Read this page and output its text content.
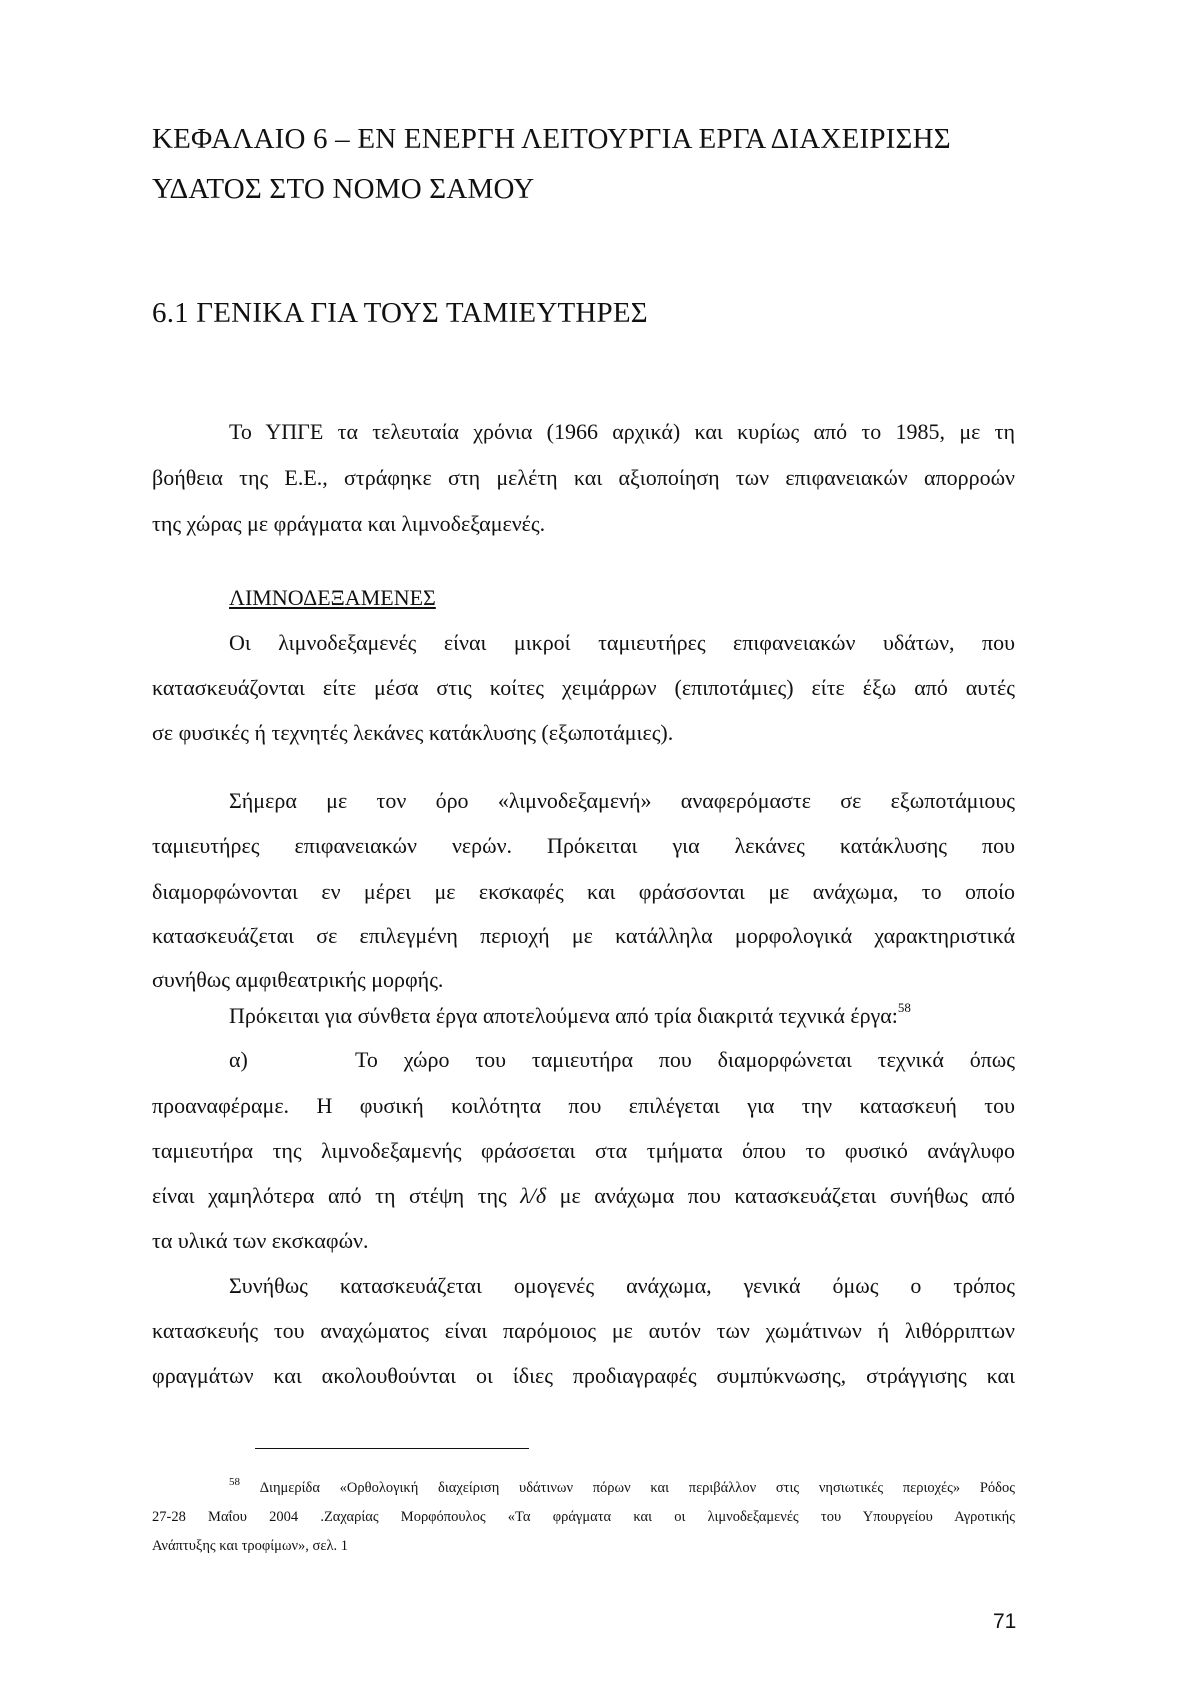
ΚΕΦΑΛΑΙΟ 6 – ΕΝ ΕΝΕΡΓΗ ΛΕΙΤΟΥΡΓΙΑ ΕΡΓΑ ΔΙΑΧΕΙΡΙΣΗΣ
ΥΔΑΤΟΣ ΣΤΟ ΝΟΜΟ ΣΑΜΟΥ
6.1 ΓΕΝΙΚΑ ΓΙΑ ΤΟΥΣ ΤΑΜΙΕΥΤΗΡΕΣ
Το ΥΠΓΕ τα τελευταία χρόνια (1966 αρχικά) και κυρίως από το 1985, με τη
βοήθεια της Ε.Ε., στράφηκε στη μελέτη και αξιοποίηση των επιφανειακών απορροών
της χώρας με φράγματα και λιμνοδεξαμενές.
ΛΙΜΝΟΔΕΞΑΜΕΝΕΣ
Οι λιμνοδεξαμενές είναι μικροί ταμιευτήρες επιφανειακών υδάτων, που
κατασκευάζονται είτε μέσα στις κοίτες χειμάρρων (επιποτάμιες) είτε έξω από αυτές
σε φυσικές ή τεχνητές λεκάνες κατάκλυσης (εξωποτάμιες).
Σήμερα με τον όρο «λιμνοδεξαμενή» αναφερόμαστε σε εξωποτάμιους
ταμιευτήρες επιφανειακών νερών. Πρόκειται για λεκάνες κατάκλυσης που
διαμορφώνονται εν μέρει με εκσκαφές και φράσσονται με ανάχωμα, το οποίο
κατασκευάζεται σε επιλεγμένη περιοχή με κατάλληλα μορφολογικά χαρακτηριστικά
συνήθως αμφιθεατρικής μορφής.
Πρόκειται για σύνθετα έργα αποτελούμενα από τρία διακριτά τεχνικά έργα:$^{58}$
α)	Το χώρο του ταμιευτήρα που διαμορφώνεται τεχνικά όπως
προαναφέραμε. Η φυσική κοιλότητα που επιλέγεται για την κατασκευή του
ταμιευτήρα της λιμνοδεξαμενής φράσσεται στα τμήματα όπου το φυσικό ανάγλυφο
είναι χαμηλότερα από τη στέψη της λ/δ με ανάχωμα που κατασκευάζεται συνήθως από
τα υλικά των εκσκαφών.
Συνήθως κατασκευάζεται ομογενές ανάχωμα, γενικά όμως ο τρόπος
κατασκευής του αναχώματος είναι παρόμοιος με αυτόν των χωμάτινων ή λιθόρριπτων
φραγμάτων και ακολουθούνται οι ίδιες προδιαγραφές συμπύκνωσης, στράγγισης και
$^{58}$ Διημερίδα «Ορθολογική διαχείριση υδάτινων πόρων και περιβάλλον στις νησιωτικές περιοχές» Ρόδος
27-28 Μαΐου 2004 .Ζαχαρίας Μορφόπουλος «Τα φράγματα και οι λιμνοδεξαμενές του Υπουργείου Αγροτικής
Ανάπτυξης και τροφίμων», σελ. 1
71
